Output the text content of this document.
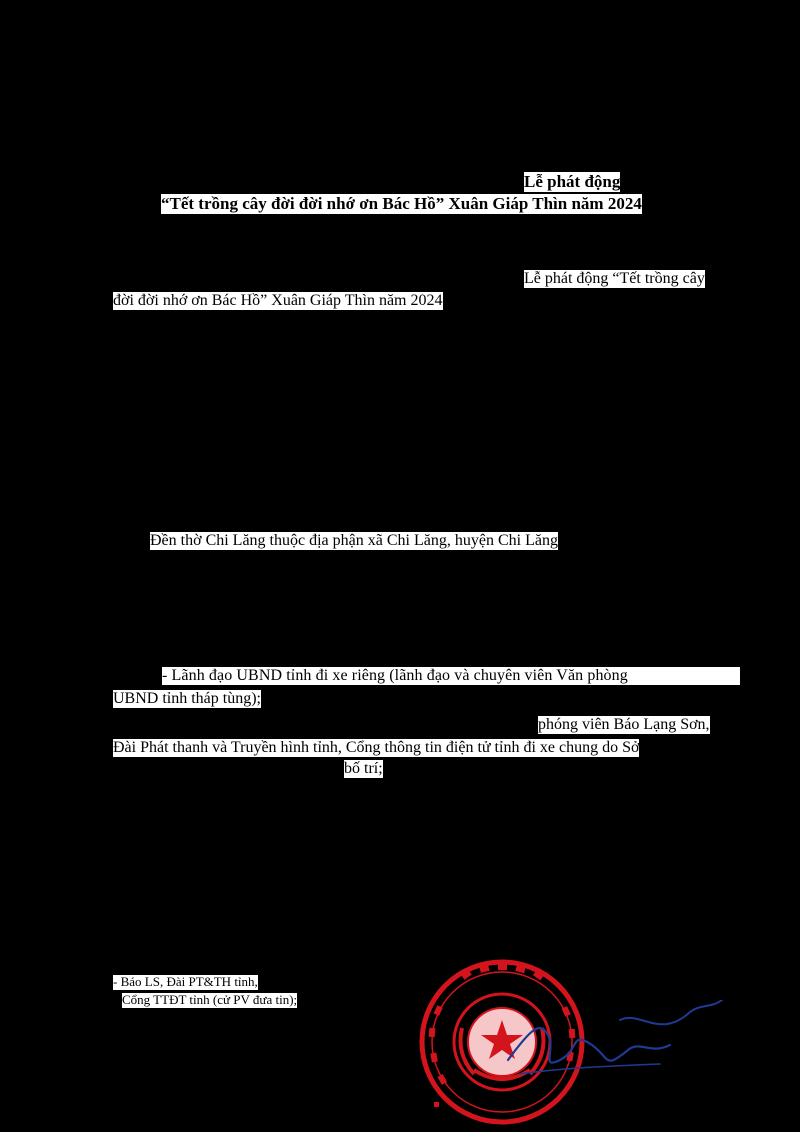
Lễ phát động
“Tết trồng cây đời đời nhớ ơn Bác Hồ” Xuân Giáp Thìn năm 2024
Lễ phát động “Tết trồng cây
đời đời nhớ ơn Bác Hồ” Xuân Giáp Thìn năm 2024
Đền thờ Chi Lăng thuộc địa phận xã Chi Lăng, huyện Chi Lăng
- Lãnh đạo UBND tỉnh đi xe riêng (lãnh đạo và chuyên viên Văn phòng
UBND tỉnh tháp tùng);
phóng viên Báo Lạng Sơn,
Đài Phát thanh và Truyền hình tỉnh, Cổng thông tin điện tử tỉnh đi xe chung do Sở
bố trí;
- Báo LS, Đài PT&TH tỉnh,
Cổng TTĐT tỉnh (cử PV đưa tin);
